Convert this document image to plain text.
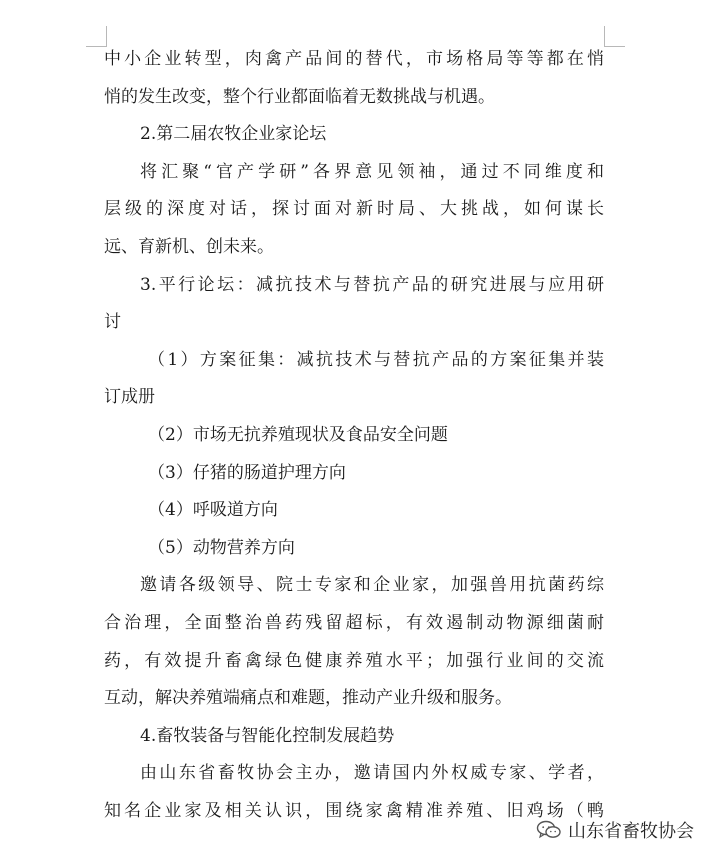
中小企业转型，肉禽产品间的替代，市场格局等等都在悄
悄的发生改变，整个行业都面临着无数挑战与机遇。
2.第二届农牧企业家论坛
将汇聚“官产学研”各界意见领袖，通过不同维度和
层级的深度对话，探讨面对新时局、大挑战，如何谋长
远、育新机、创未来。
3.平行论坛：减抗技术与替抗产品的研究进展与应用研
讨
（1）方案征集：减抗技术与替抗产品的方案征集并装
订成册
（2）市场无抗养殖现状及食品安全问题
（3）仔猪的肠道护理方向
（4）呼吸道方向
（5）动物营养方向
邀请各级领导、院士专家和企业家，加强兽用抗菌药综
合治理，全面整治兽药残留超标，有效遏制动物源细菌耐
药，有效提升畜禽绿色健康养殖水平；加强行业间的交流
互动，解决养殖端痛点和难题，推动产业升级和服务。
4.畜牧装备与智能化控制发展趋势
由山东省畜牧协会主办，邀请国内外权威专家、学者，
知名企业家及相关认识，围绕家禽精准养殖、旧鸡场（鸭
山东省畜牧协会
